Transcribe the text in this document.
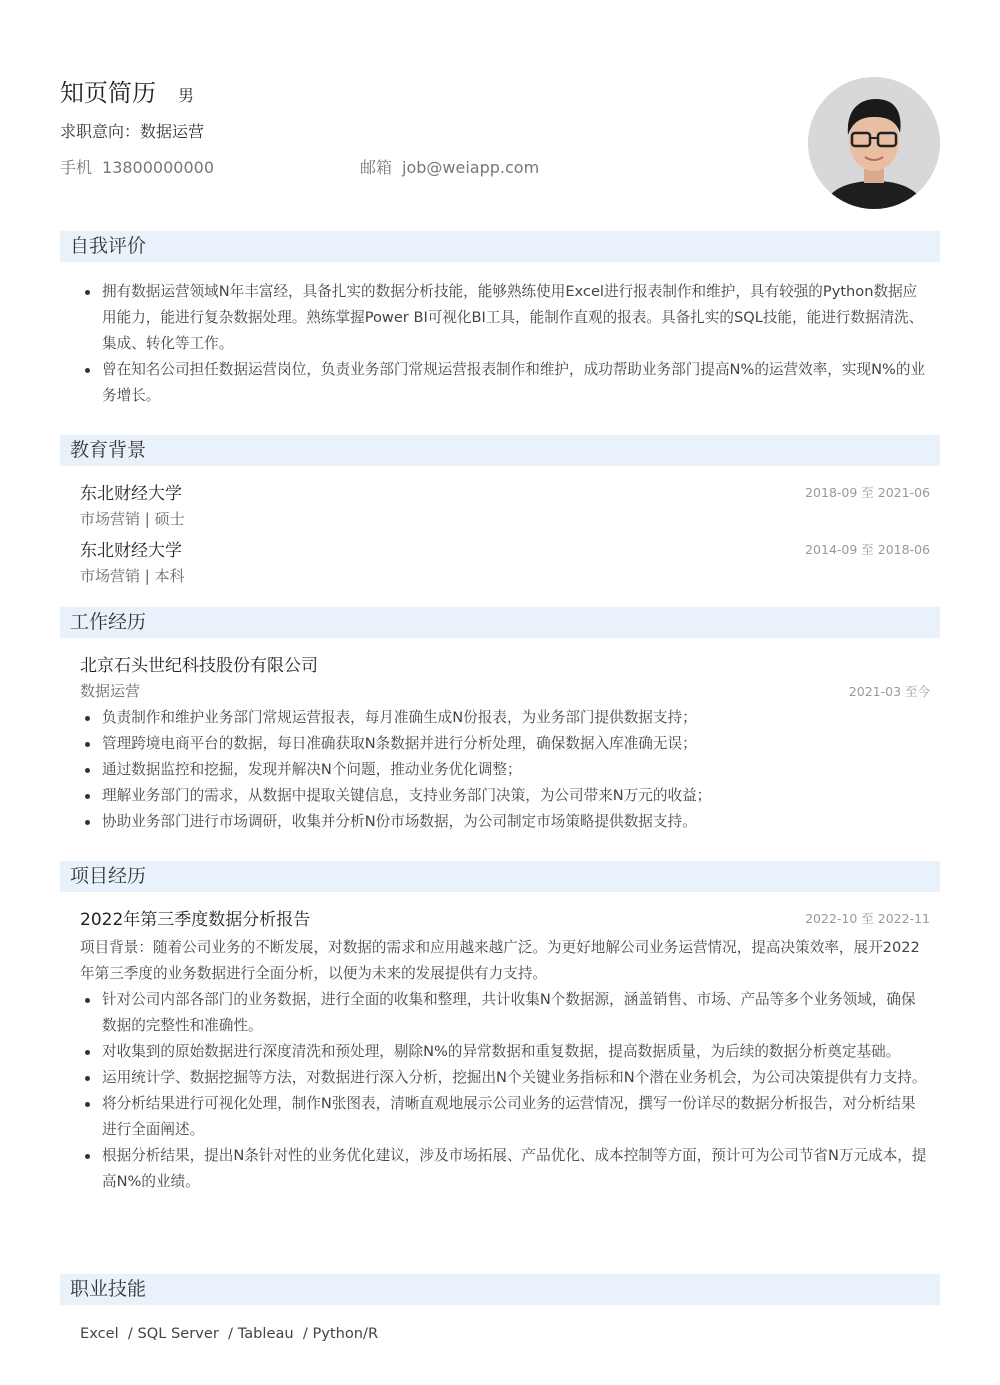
知页简历 男
求职意向：数据运营
手机 13800000000	邮箱 job@weiapp.com
自我评价
拥有数据运营领域N年丰富经，具备扎实的数据分析技能，能够熟练使用Excel进行报表制作和维护，具有较强的Python数据应用能力，能进行复杂数据处理。熟练掌握Power BI可视化BI工具，能制作直观的报表。具备扎实的SQL技能，能进行数据清洗、集成、转化等工作。
曾在知名公司担任数据运营岗位，负责业务部门常规运营报表制作和维护，成功帮助业务部门提高N%的运营效率，实现N%的业务增长。
教育背景
东北财经大学	2018-09 至 2021-06
市场营销 | 硕士
东北财经大学	2014-09 至 2018-06
市场营销 | 本科
工作经历
北京石头世纪科技股份有限公司
数据运营	2021-03 至今
负责制作和维护业务部门常规运营报表，每月准确生成N份报表，为业务部门提供数据支持；
管理跨境电商平台的数据，每日准确获取N条数据并进行分析处理，确保数据入库准确无误；
通过数据监控和挖掘，发现并解决N个问题，推动业务优化调整；
理解业务部门的需求，从数据中提取关键信息，支持业务部门决策，为公司带来N万元的收益；
协助业务部门进行市场调研，收集并分析N份市场数据，为公司制定市场策略提供数据支持。
项目经历
2022年第三季度数据分析报告	2022-10 至 2022-11
项目背景：随着公司业务的不断发展，对数据的需求和应用越来越广泛。为更好地解公司业务运营情况，提高决策效率，展开2022年第三季度的业务数据进行全面分析，以便为未来的发展提供有力支持。
针对公司内部各部门的业务数据，进行全面的收集和整理，共计收集N个数据源，涵盖销售、市场、产品等多个业务领域，确保数据的完整性和准确性。
对收集到的原始数据进行深度清洗和预处理，剔除N%的异常数据和重复数据，提高数据质量，为后续的数据分析奠定基础。
运用统计学、数据挖掘等方法，对数据进行深入分析，挖掘出N个关键业务指标和N个潜在业务机会，为公司决策提供有力支持。
将分析结果进行可视化处理，制作N张图表，清晰直观地展示公司业务的运营情况，撰写一份详尽的数据分析报告，对分析结果进行全面阐述。
根据分析结果，提出N条针对性的业务优化建议，涉及市场拓展、产品优化、成本控制等方面，预计可为公司节省N万元成本，提高N%的业绩。
职业技能
Excel  / SQL Server  / Tableau  / Python/R
